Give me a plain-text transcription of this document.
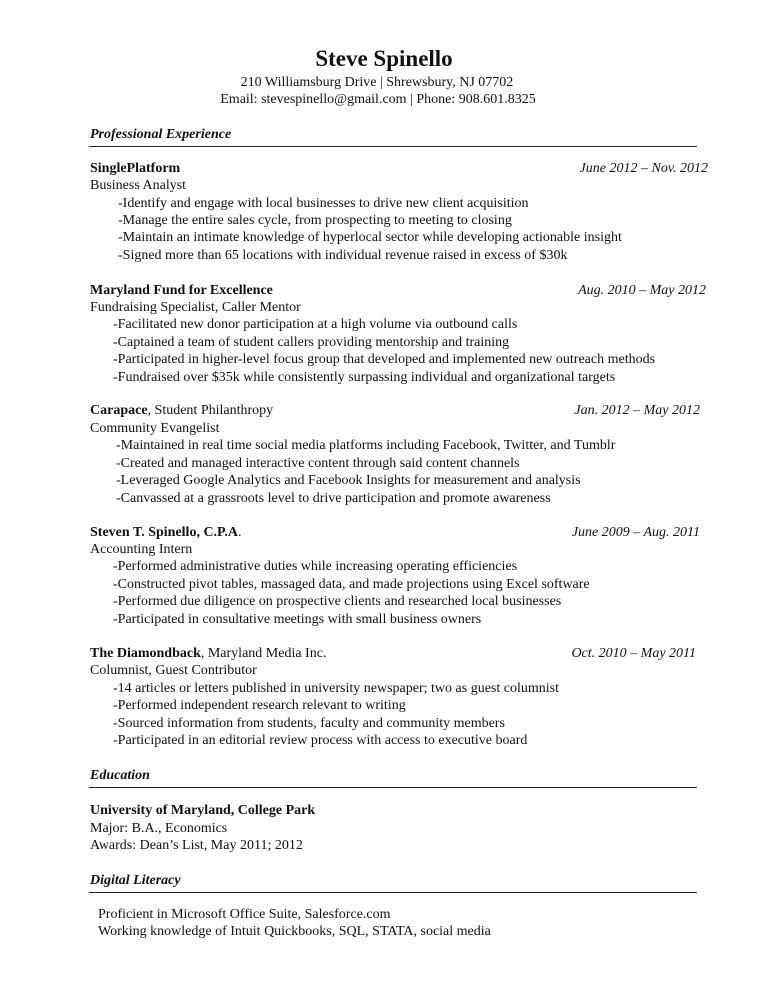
Steve Spinello
210 Williamsburg Drive | Shrewsbury, NJ 07702
Email: stevespinello@gmail.com | Phone: 908.601.8325
Professional Experience
SinglePlatform	June 2012 – Nov. 2012
Business Analyst
-Identify and engage with local businesses to drive new client acquisition
-Manage the entire sales cycle, from prospecting to meeting to closing
-Maintain an intimate knowledge of hyperlocal sector while developing actionable insight
-Signed more than 65 locations with individual revenue raised in excess of $30k
Maryland Fund for Excellence	Aug. 2010 – May 2012
Fundraising Specialist, Caller Mentor
-Facilitated new donor participation at a high volume via outbound calls
-Captained a team of student callers providing mentorship and training
-Participated in higher-level focus group that developed and implemented new outreach methods
-Fundraised over $35k while consistently surpassing individual and organizational targets
Carapace, Student Philanthropy	Jan. 2012 – May 2012
Community Evangelist
-Maintained in real time social media platforms including Facebook, Twitter, and Tumblr
-Created and managed interactive content through said content channels
-Leveraged Google Analytics and Facebook Insights for measurement and analysis
-Canvassed at a grassroots level to drive participation and promote awareness
Steven T. Spinello, C.P.A.	June 2009 – Aug. 2011
Accounting Intern
-Performed administrative duties while increasing operating efficiencies
-Constructed pivot tables, massaged data, and made projections using Excel software
-Performed due diligence on prospective clients and researched local businesses
-Participated in consultative meetings with small business owners
The Diamondback, Maryland Media Inc.	Oct. 2010 – May 2011
Columnist, Guest Contributor
-14 articles or letters published in university newspaper; two as guest columnist
-Performed independent research relevant to writing
-Sourced information from students, faculty and community members
-Participated in an editorial review process with access to executive board
Education
University of Maryland, College Park
Major: B.A., Economics
Awards: Dean’s List, May 2011; 2012
Digital Literacy
Proficient in Microsoft Office Suite, Salesforce.com
Working knowledge of Intuit Quickbooks, SQL, STATA, social media
